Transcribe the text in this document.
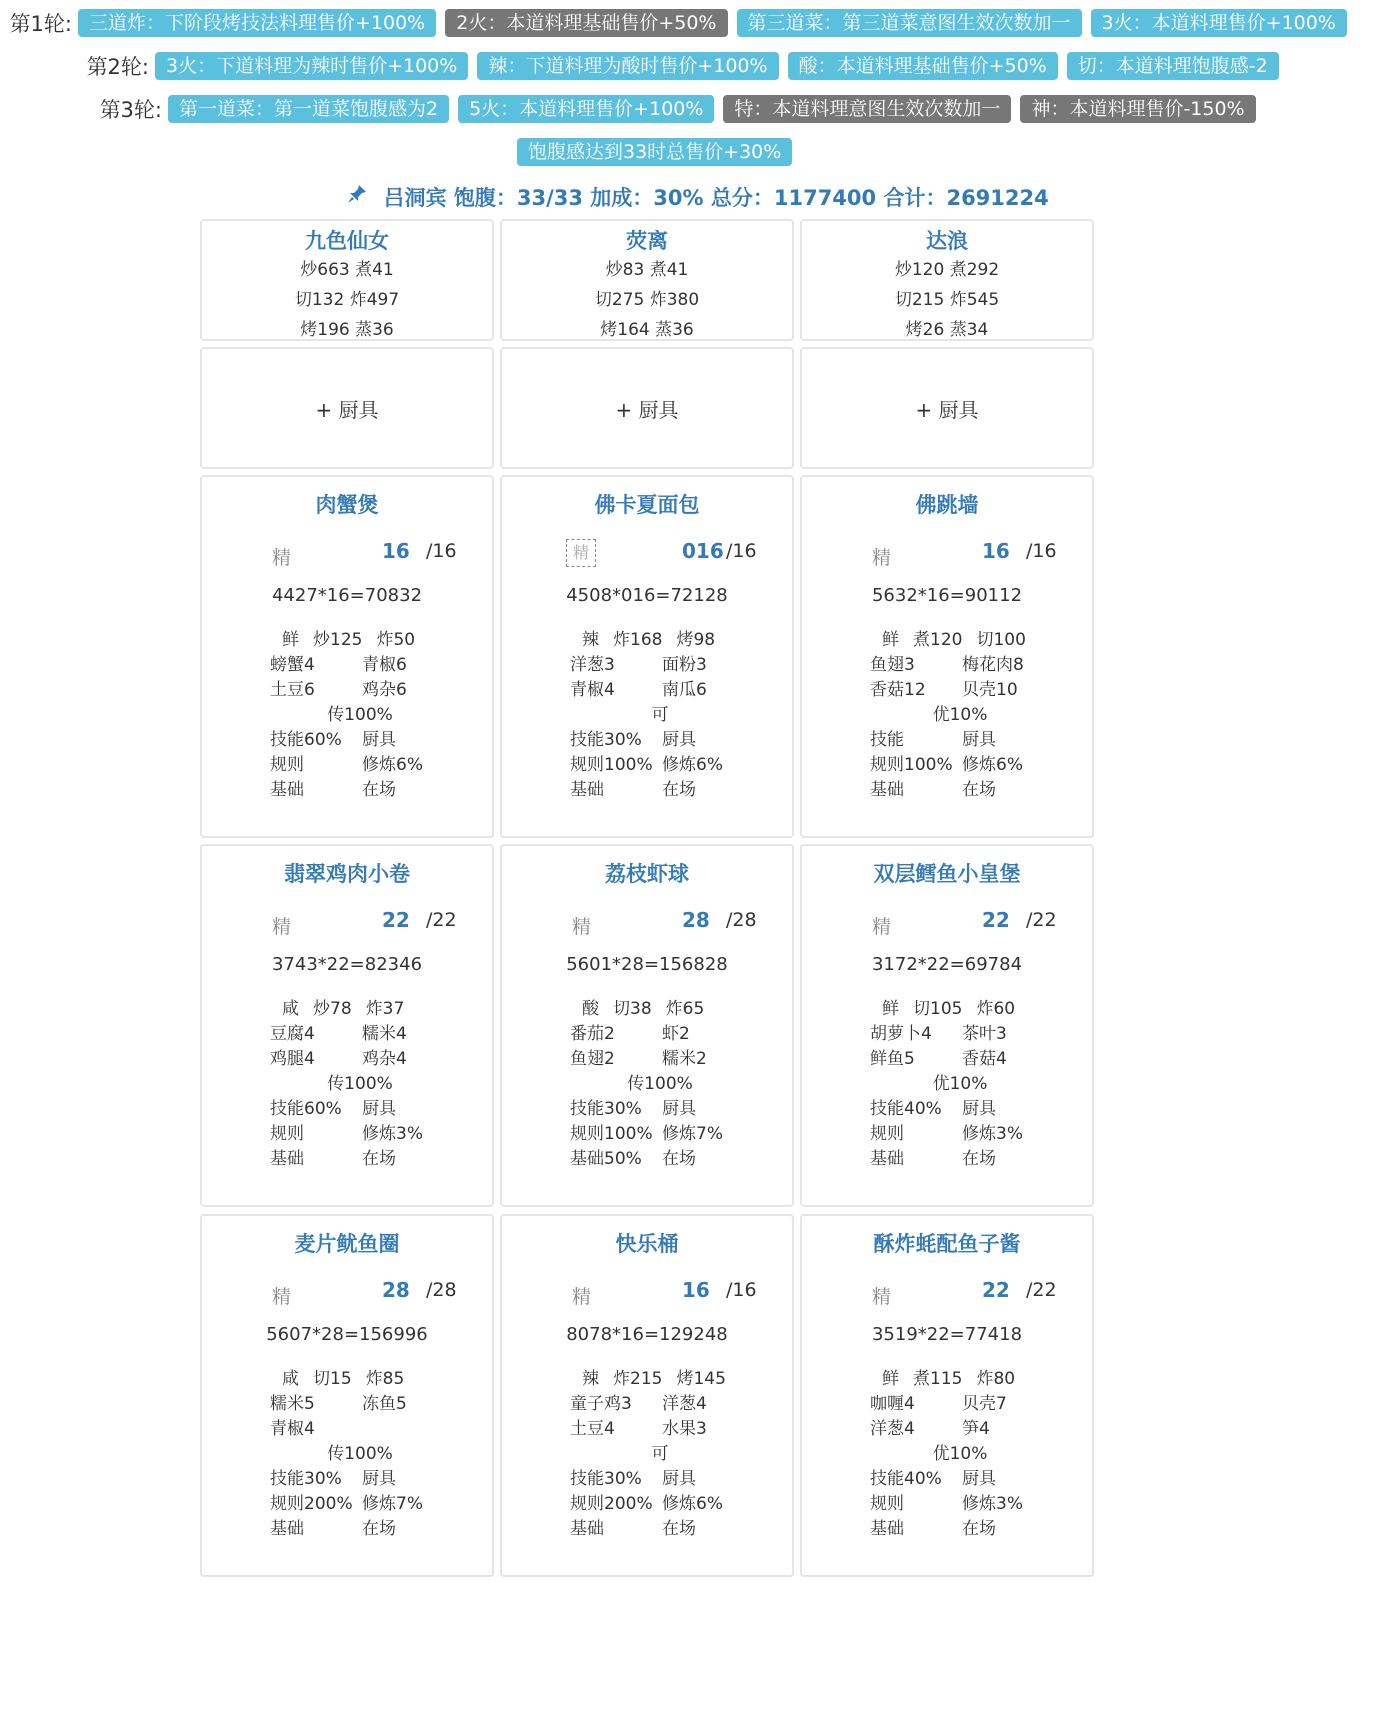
第1轮: 三道炸：下阶段烤技法料理售价+100%	2火：本道料理基础售价+50%	第三道菜：第三道菜意图生效次数加一	3火：本道料理售价+100%
第2轮: 3火：下道料理为辣时售价+100%	辣：下道料理为酸时售价+100%	酸：本道料理基础售价+50%	切：本道料理饱腹感-2
第3轮: 第一道菜：第一道菜饱腹感为2	5火：本道料理售价+100%	特：本道料理意图生效次数加一	神：本道料理售价-150%
饱腹感达到33时总售价+30%
吕洞宾 饱腹：33/33 加成：30% 总分：1177400 合计：2691224
九色仙女
炒663 煮41
切132 炸497
烤196 蒸36
荧离
炒83 煮41
切275 炸380
烤164 蒸36
达浪
炒120 煮292
切215 炸545
烤26 蒸34
+ 厨具	+ 厨具	+ 厨具
肉蟹煲
精	16 /16
4427*16=70832
鲜 炒125 炸50
螃蟹4	青椒6
土豆6	鸡杂6
传100%
技能60%	厨具
规则	修炼6%
基础	在场
佛卡夏面包
精	016 /16
4508*016=72128
辣 炸168 烤98
洋葱3	面粉3
青椒4	南瓜6
可
技能30%	厨具
规则100% 修炼6%
基础	在场
佛跳墙
精	16 /16
5632*16=90112
鲜 煮120 切100
鱼翅3	梅花肉8
香菇12	贝壳10
优10%
技能	厨具
规则100% 修炼6%
基础	在场
翡翠鸡肉小卷
精	22 /22
3743*22=82346
咸 炒78 炸37
豆腐4	糯米4
鸡腿4	鸡杂4
传100%
技能60%	厨具
规则	修炼3%
基础	在场
荔枝虾球
精	28 /28
5601*28=156828
酸 切38 炸65
番茄2	虾2
鱼翅2	糯米2
传100%
技能30%	厨具
规则100% 修炼7%
基础50%	在场
双层鳕鱼小皇堡
精	22 /22
3172*22=69784
鲜 切105 炸60
胡萝卜4	茶叶3
鲜鱼5	香菇4
优10%
技能40%	厨具
规则	修炼3%
基础	在场
麦片鱿鱼圈
精	28 /28
5607*28=156996
咸 切15 炸85
糯米5	冻鱼5
青椒4
传100%
技能30%	厨具
规则200% 修炼7%
基础	在场
快乐桶
精	16 /16
8078*16=129248
辣 炸215 烤145
童子鸡3	洋葱4
土豆4	水果3
可
技能30%	厨具
规则200% 修炼6%
基础	在场
酥炸蚝配鱼子酱
精	22 /22
3519*22=77418
鲜 煮115 炸80
咖喱4	贝壳7
洋葱4	笋4
优10%
技能40%	厨具
规则	修炼3%
基础	在场
